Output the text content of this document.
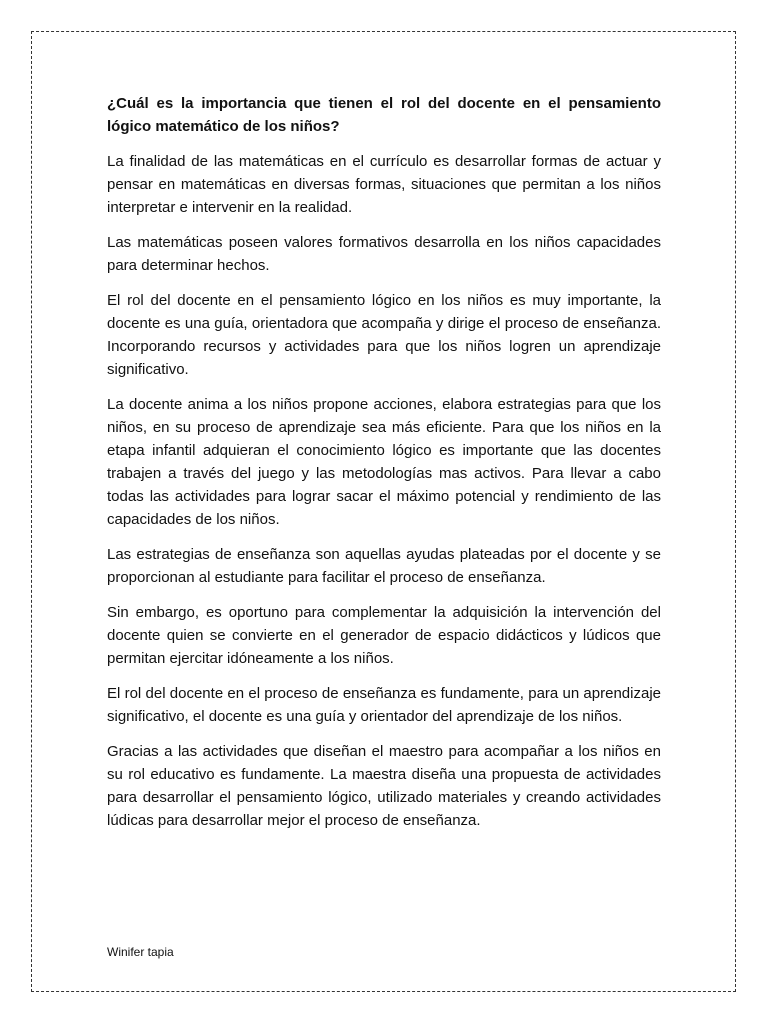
¿Cuál es la importancia que tienen el rol del docente en el pensamiento lógico matemático de los niños?

La finalidad de las matemáticas en el currículo es desarrollar formas de actuar y pensar en matemáticas en diversas formas, situaciones que permitan a los niños interpretar e intervenir en la realidad.

Las matemáticas poseen valores formativos desarrolla en los niños capacidades para determinar hechos.

El rol del docente en el pensamiento lógico en los niños es muy importante, la docente es una guía, orientadora que acompaña y dirige el proceso de enseñanza. Incorporando recursos y actividades para que los niños logren un aprendizaje significativo.

La docente anima a los niños propone acciones, elabora estrategias para que los niños, en su proceso de aprendizaje sea más eficiente. Para que los niños en la etapa infantil adquieran el conocimiento lógico es importante que las docentes trabajen a través del juego y las metodologías mas activos. Para llevar a cabo todas las actividades para lograr sacar el máximo potencial y rendimiento de las capacidades de los niños.

Las estrategias de enseñanza son aquellas ayudas plateadas por el docente y se proporcionan al estudiante para facilitar el proceso de enseñanza.

Sin embargo, es oportuno para complementar la adquisición la intervención del docente quien se convierte en el generador de espacio didácticos y lúdicos que permitan ejercitar idóneamente a los niños.

El rol del docente en el proceso de enseñanza es fundamente, para un aprendizaje significativo, el docente es una guía y orientador del aprendizaje de los niños.

Gracias a las actividades que diseñan el maestro para acompañar a los niños en su rol educativo es fundamente. La maestra diseña una propuesta de actividades para desarrollar el pensamiento lógico, utilizado materiales y creando actividades lúdicas para desarrollar mejor el proceso de enseñanza.

Winifer tapia
